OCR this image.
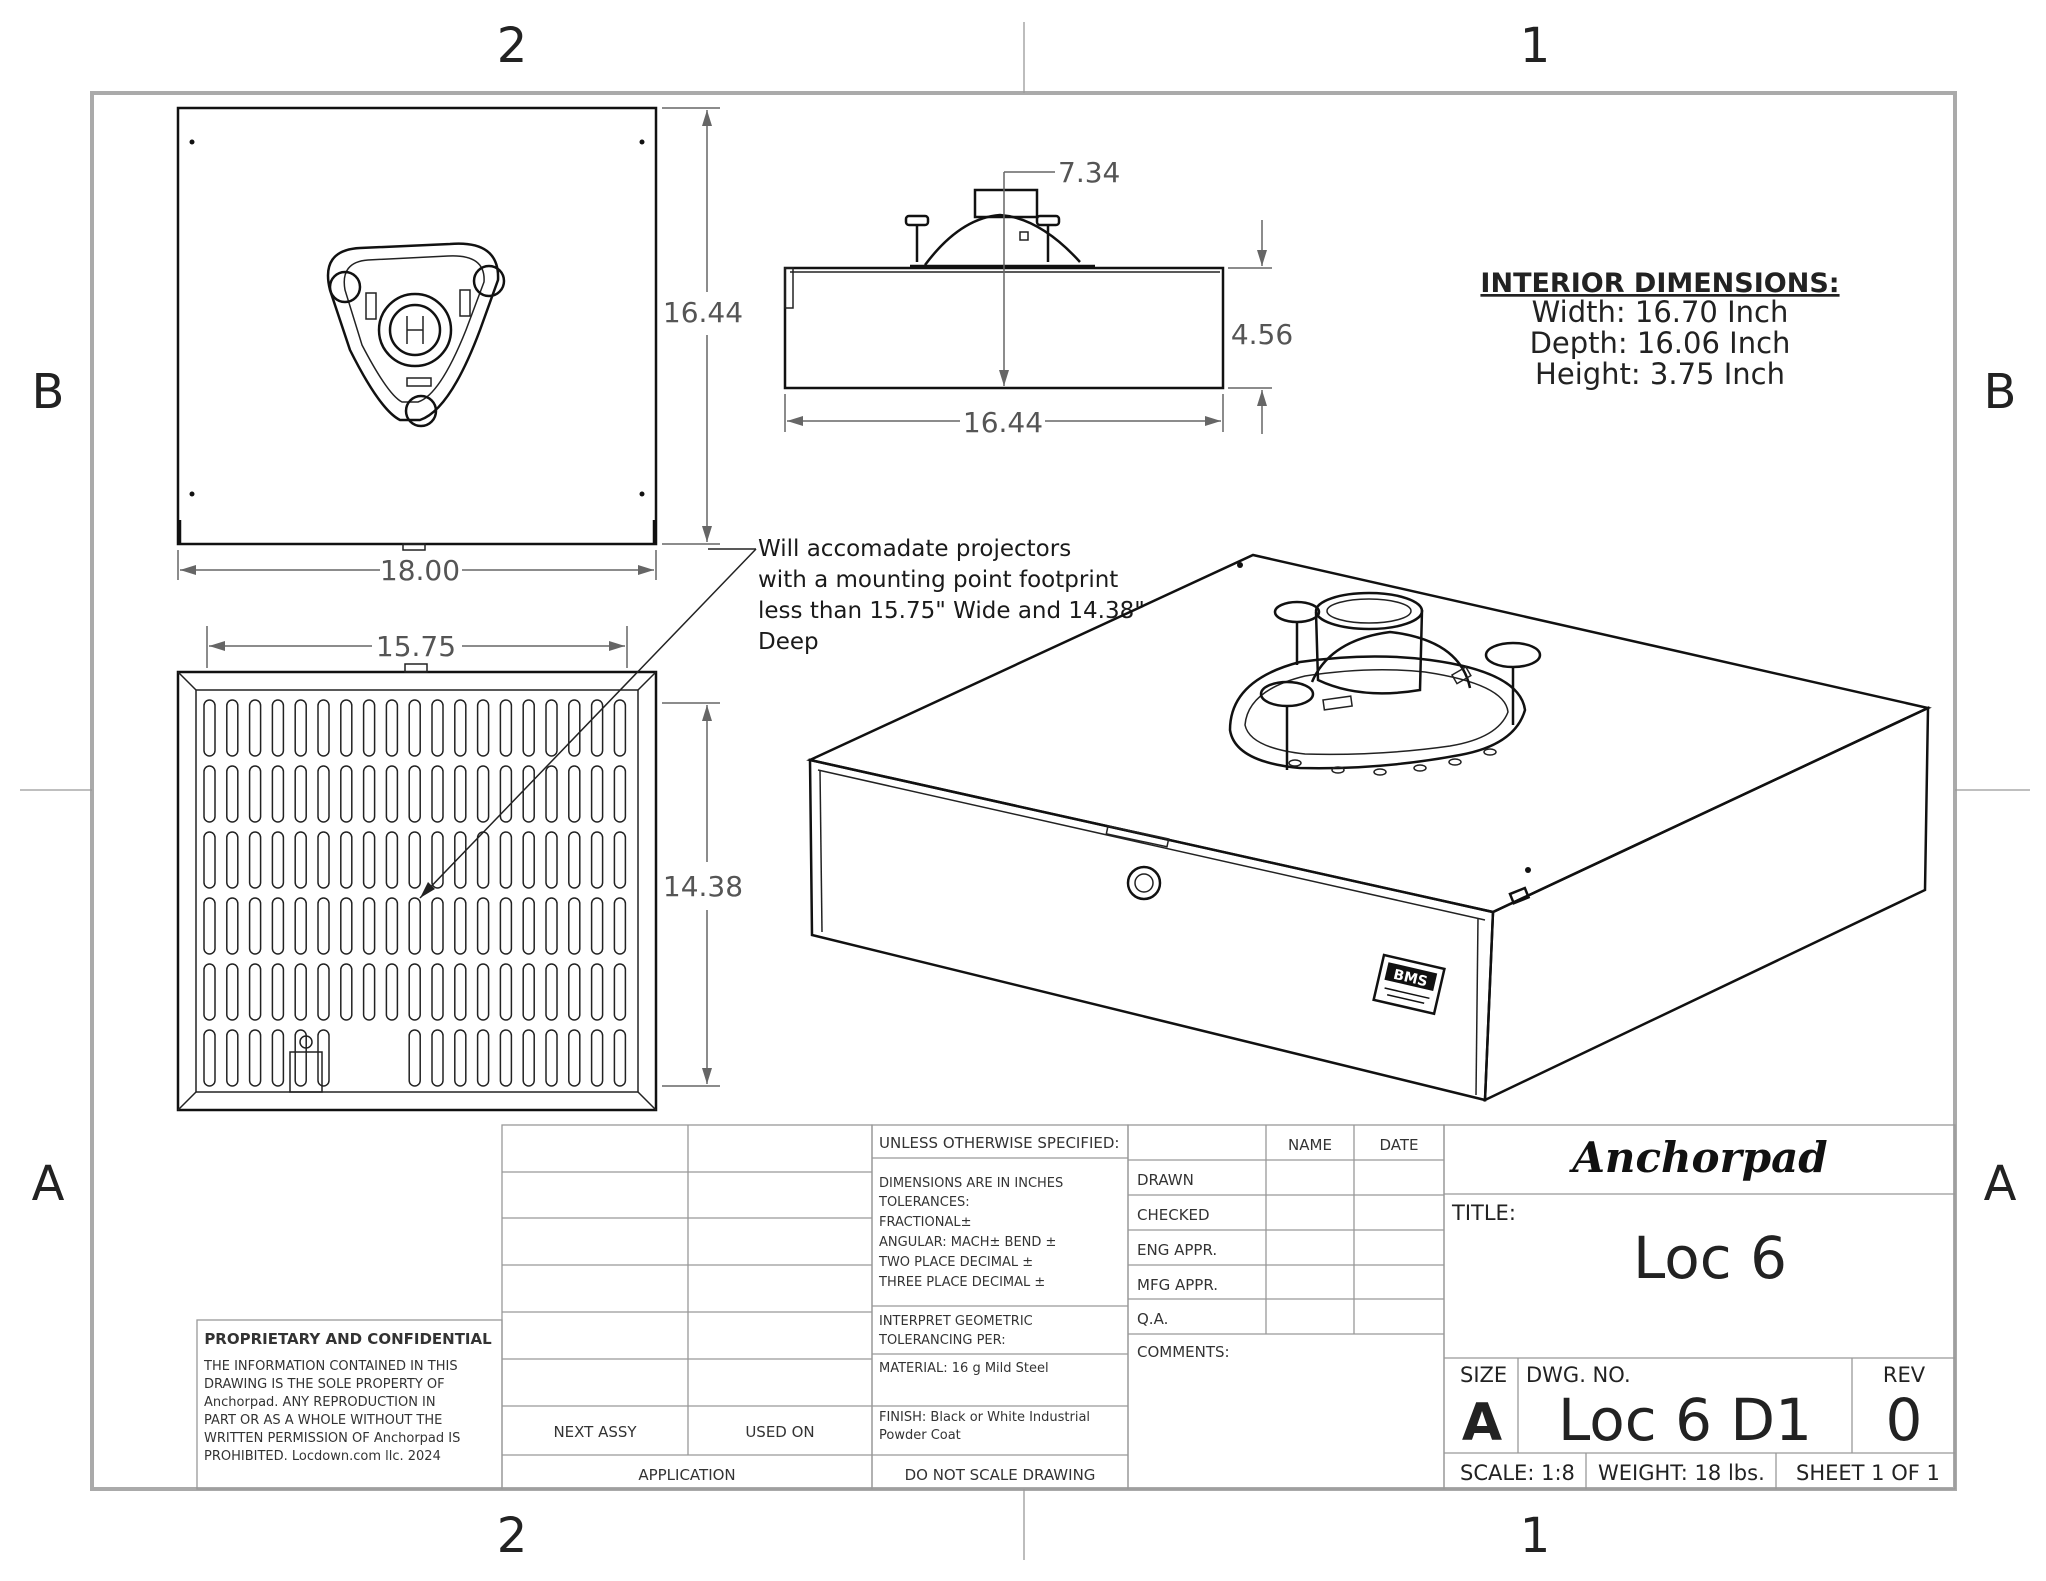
2	1
2	1
B	B
A	A
16.44
18.00
7.34
4.56
16.44
INTERIOR DIMENSIONS:
Width: 16.70 Inch
Depth: 16.06 Inch
Height: 3.75 Inch
15.75
14.38
Will accomadate projectors
with a mounting point footprint
less than 15.75" Wide and 14.38"
Deep
BMS
PROPRIETARY AND CONFIDENTIAL
THE INFORMATION CONTAINED IN THIS
DRAWING IS THE SOLE PROPERTY OF
Anchorpad. ANY REPRODUCTION IN
PART OR AS A WHOLE WITHOUT THE
WRITTEN PERMISSION OF Anchorpad IS
PROHIBITED. Locdown.com llc. 2024
NEXT ASSY	USED ON
APPLICATION
UNLESS OTHERWISE SPECIFIED:
DIMENSIONS ARE IN INCHES
TOLERANCES:
FRACTIONAL±
ANGULAR: MACH± BEND ±
TWO PLACE DECIMAL ±
THREE PLACE DECIMAL ±
INTERPRET GEOMETRIC
TOLERANCING PER:
MATERIAL: 16 g Mild Steel
FINISH: Black or White Industrial
Powder Coat
DO NOT SCALE DRAWING
NAME	DATE
DRAWN
CHECKED
ENG APPR.
MFG APPR.
Q.A.
COMMENTS:
Anchorpad
TITLE:
Loc 6
SIZE
A
DWG. NO.
Loc 6 D1
REV
0
SCALE: 1:8 WEIGHT: 18 lbs. SHEET 1 OF 1
